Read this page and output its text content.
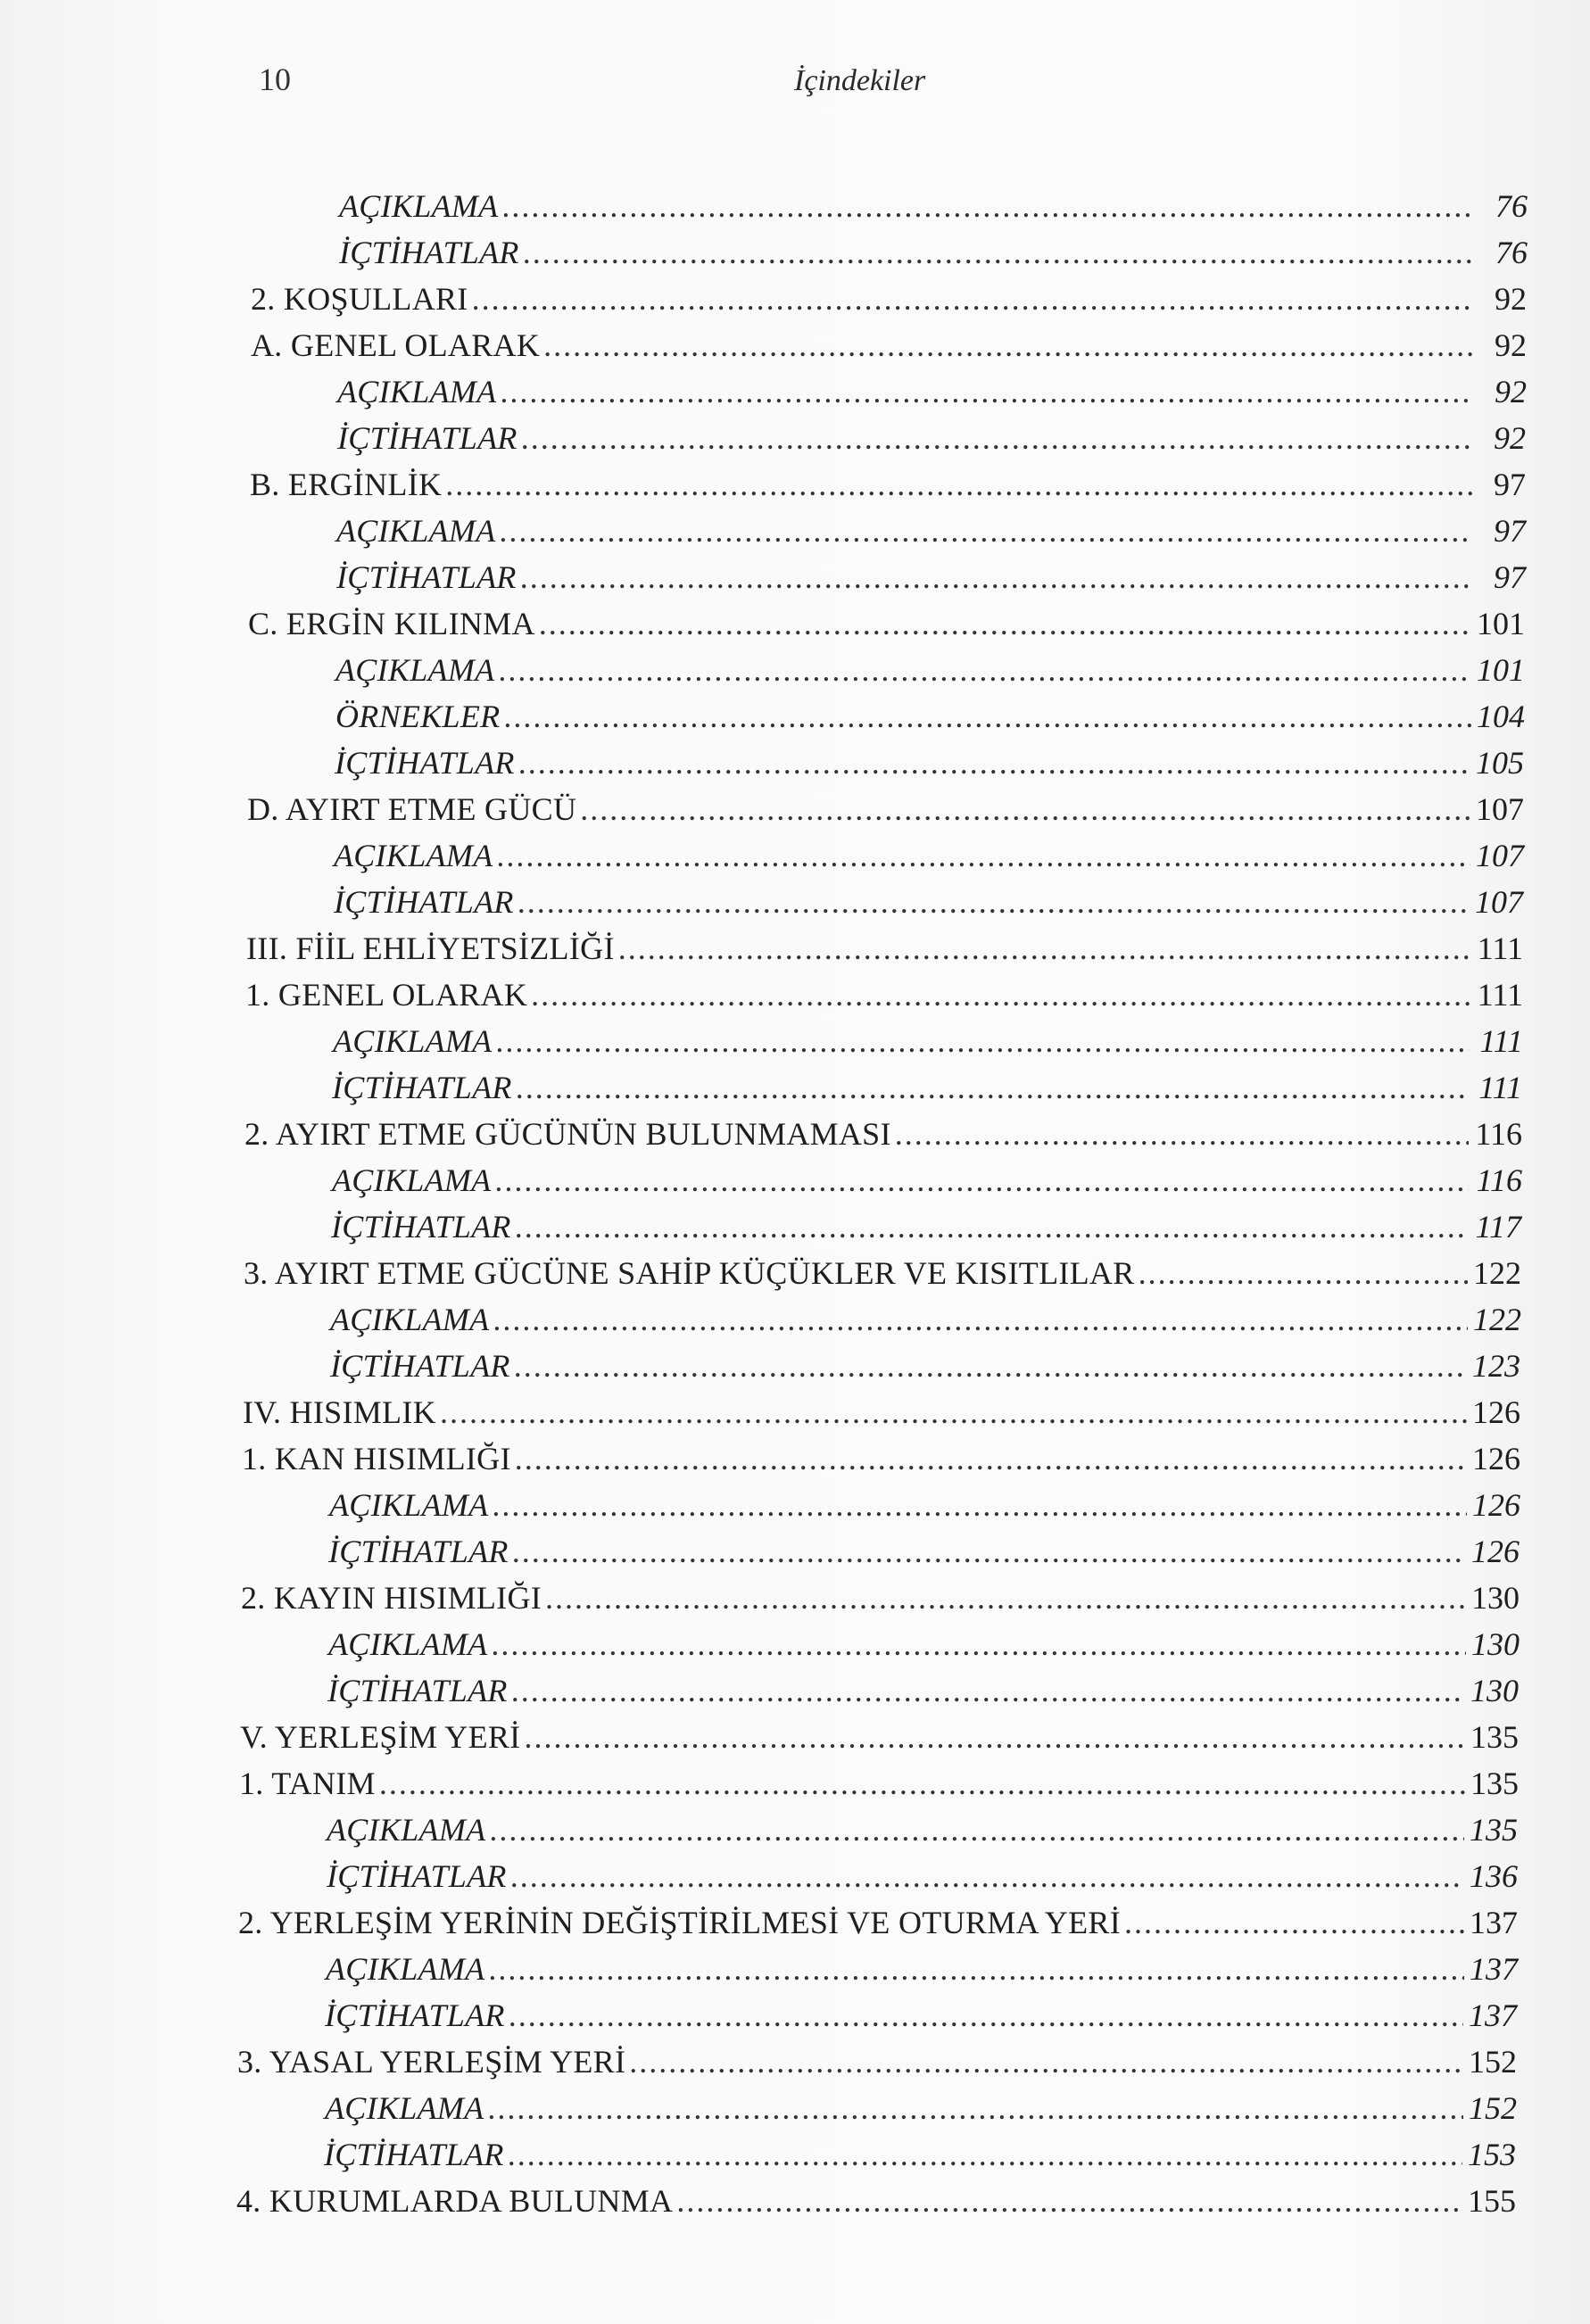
10	İçindekiler
AÇIKLAMA .....	76
İÇTİHATLAR .....	76
2. KOŞULLARI .....	92
A. GENEL OLARAK .....	92
AÇIKLAMA .....	92
İÇTİHATLAR .....	92
B. ERGİNLİK .....	97
AÇIKLAMA .....	97
İÇTİHATLAR .....	97
C. ERGİN KILINMA .....	101
AÇIKLAMA .....	101
ÖRNEKLER .....	104
İÇTİHATLAR .....	105
D. AYIRT ETME GÜCÜ .....	107
AÇIKLAMA .....	107
İÇTİHATLAR .....	107
III. FİİL EHLİYETSİZLİĞİ .....	111
1. GENEL OLARAK .....	111
AÇIKLAMA .....	111
İÇTİHATLAR .....	111
2. AYIRT ETME GÜCÜNÜN BULUNMAMASI .....	116
AÇIKLAMA .....	116
İÇTİHATLAR .....	117
3. AYIRT ETME GÜCÜNE SAHİP KÜÇÜKLER VE KISITLILAR .....	122
AÇIKLAMA .....	122
İÇTİHATLAR .....	123
IV. HISIMLIK .....	126
1. KAN HISIMLIĞI .....	126
AÇIKLAMA .....	126
İÇTİHATLAR .....	126
2. KAYIN HISIMLIĞI .....	130
AÇIKLAMA .....	130
İÇTİHATLAR .....	130
V. YERLEŞİM YERİ .....	135
1. TANIM .....	135
AÇIKLAMA .....	135
İÇTİHATLAR .....	136
2. YERLEŞİM YERİNİN DEĞİŞTİRİLMESİ VE OTURMA YERİ .....	137
AÇIKLAMA .....	137
İÇTİHATLAR .....	137
3. YASAL YERLEŞİM YERİ .....	152
AÇIKLAMA .....	152
İÇTİHATLAR .....	153
4. KURUMLARDA BULUNMA .....	155
